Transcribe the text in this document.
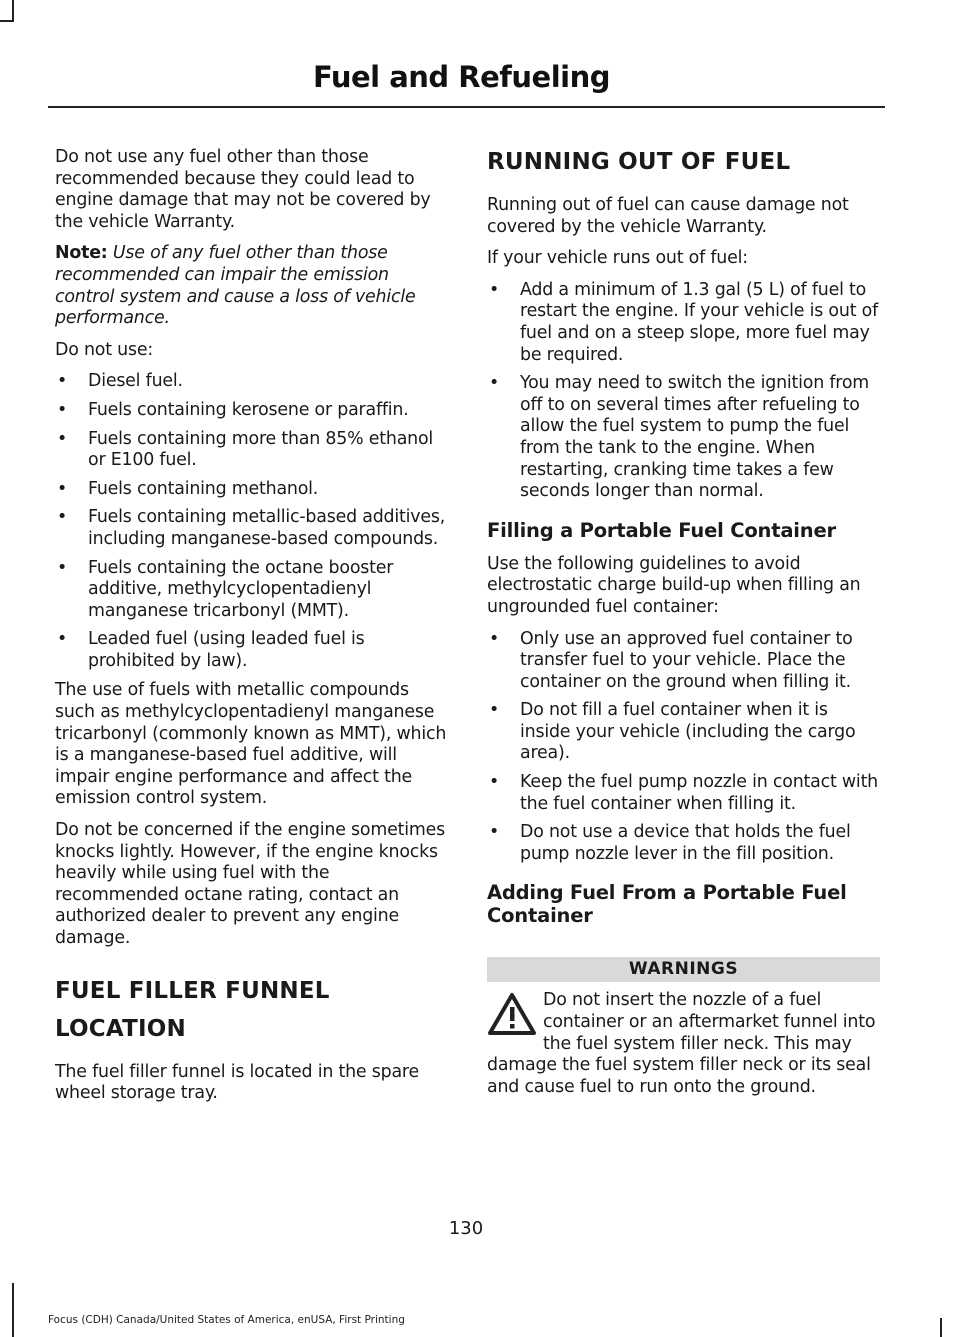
Fuel and Refueling

Do not use any fuel other than those recommended because they could lead to engine damage that may not be covered by the vehicle Warranty.

Note: Use of any fuel other than those recommended can impair the emission control system and cause a loss of vehicle performance.

Do not use:

• Diesel fuel.
• Fuels containing kerosene or paraffin.
• Fuels containing more than 85% ethanol or E100 fuel.
• Fuels containing methanol.
• Fuels containing metallic-based additives, including manganese-based compounds.
• Fuels containing the octane booster additive, methylcyclopentadienyl manganese tricarbonyl (MMT).
• Leaded fuel (using leaded fuel is prohibited by law).

The use of fuels with metallic compounds such as methylcyclopentadienyl manganese tricarbonyl (commonly known as MMT), which is a manganese-based fuel additive, will impair engine performance and affect the emission control system.

Do not be concerned if the engine sometimes knocks lightly. However, if the engine knocks heavily while using fuel with the recommended octane rating, contact an authorized dealer to prevent any engine damage.

FUEL FILLER FUNNEL
LOCATION

The fuel filler funnel is located in the spare wheel storage tray.

RUNNING OUT OF FUEL

Running out of fuel can cause damage not covered by the vehicle Warranty.

If your vehicle runs out of fuel:

• Add a minimum of 1.3 gal (5 L) of fuel to restart the engine. If your vehicle is out of fuel and on a steep slope, more fuel may be required.
• You may need to switch the ignition from off to on several times after refueling to allow the fuel system to pump the fuel from the tank to the engine. When restarting, cranking time takes a few seconds longer than normal.
Filling a Portable Fuel Container

Use the following guidelines to avoid electrostatic charge build-up when filling an ungrounded fuel container:

• Only use an approved fuel container to transfer fuel to your vehicle. Place the container on the ground when filling it.
• Do not fill a fuel container when it is inside your vehicle (including the cargo area).
• Keep the fuel pump nozzle in contact with the fuel container when filling it.
• Do not use a device that holds the fuel pump nozzle lever in the fill position.
Adding Fuel From a Portable Fuel Container
WARNINGS
Do not insert the nozzle of a fuel container or an aftermarket funnel into the fuel system filler neck. This may damage the fuel system filler neck or its seal and cause fuel to run onto the ground.
130
Focus (CDH) Canada/United States of America, enUSA, First Printing
